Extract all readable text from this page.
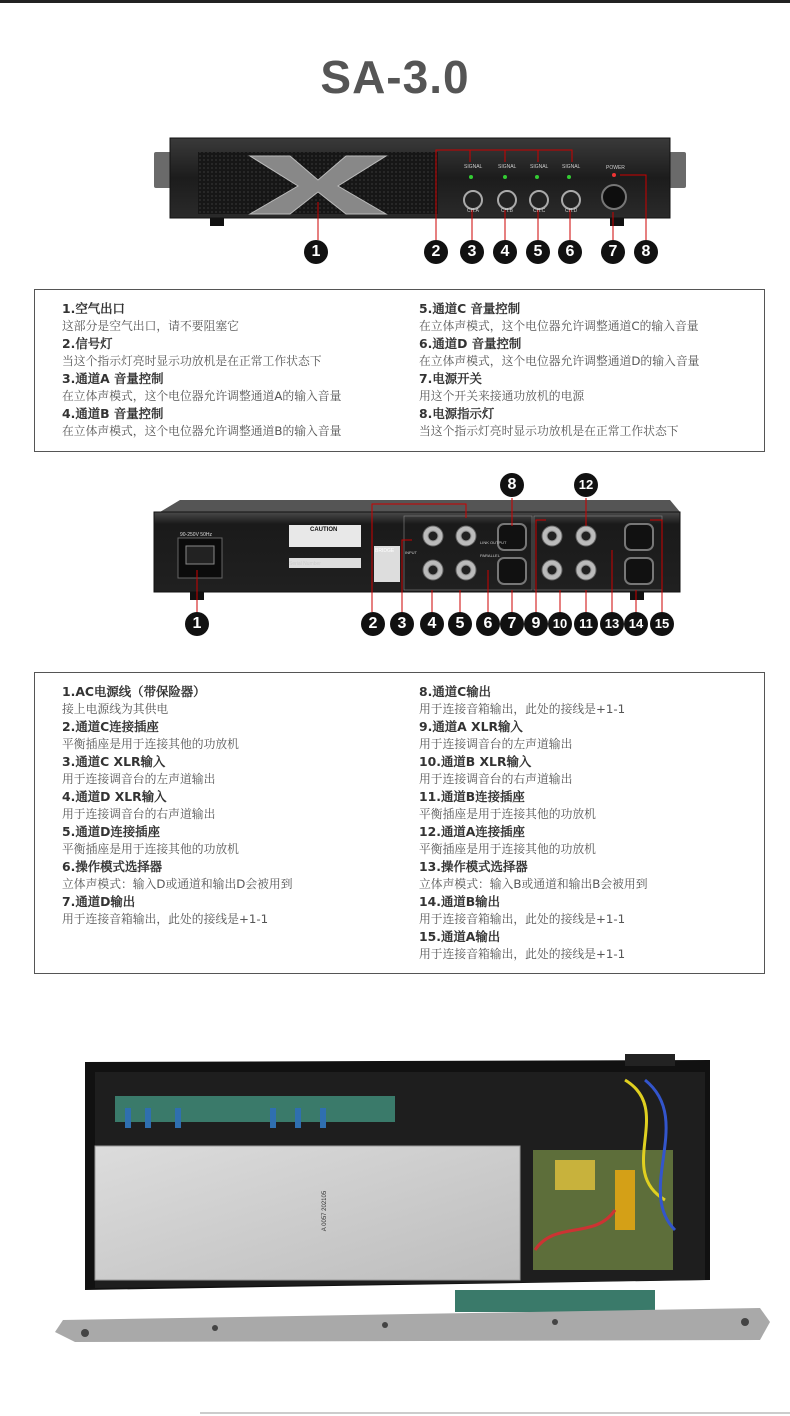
SA-3.0
SIGNAL	SIGNAL	SIGNAL	SIGNAL
CH.A	CH.B	CH.C	CH.D
POWER
1	2	3	4	5	6	7	8
1.空气出口
这部分是空气出口，请不要阻塞它
2.信号灯
当这个指示灯亮时显示功放机是在正常工作状态下
3.通道A 音量控制
在立体声模式，这个电位器允许调整通道A的输入音量
4.通道B 音量控制
在立体声模式，这个电位器允许调整通道B的输入音量
5.通道C 音量控制
在立体声模式，这个电位器允许调整通道C的输入音量
6.通道D 音量控制
在立体声模式，这个电位器允许调整通道D的输入音量
7.电源开关
用这个开关来接通功放机的电源
8.电源指示灯
当这个指示灯亮时显示功放机是在正常工作状态下
90-250V 50Hz
CAUTION
Serial Number
BRIDGE	INPUT
LINK OUTPUT
PARALLEL
1	2	3	4	5	6 7
8
9 10 11
12
13 14 15
1.AC电源线（带保险器）
接上电源线为其供电
2.通道C连接插座
平衡插座是用于连接其他的功放机
3.通道C XLR输入
用于连接调音台的左声道输出
4.通道D XLR输入
用于连接调音台的右声道输出
5.通道D连接插座
平衡插座是用于连接其他的功放机
6.操作模式选择器
立体声模式：输入D或通道和输出D会被用到
7.通道D输出
用于连接音箱输出，此处的接线是+1-1
8.通道C输出
用于连接音箱输出，此处的接线是+1-1
9.通道A XLR输入
用于连接调音台的左声道输出
10.通道B XLR输入
用于连接调音台的右声道输出
11.通道B连接插座
平衡插座是用于连接其他的功放机
12.通道A连接插座
平衡插座是用于连接其他的功放机
13.操作模式选择器
立体声模式：输入B或通道和输出B会被用到
14.通道B输出
用于连接音箱输出，此处的接线是+1-1
15.通道A输出
用于连接音箱输出，此处的接线是+1-1
A 0057 202105
